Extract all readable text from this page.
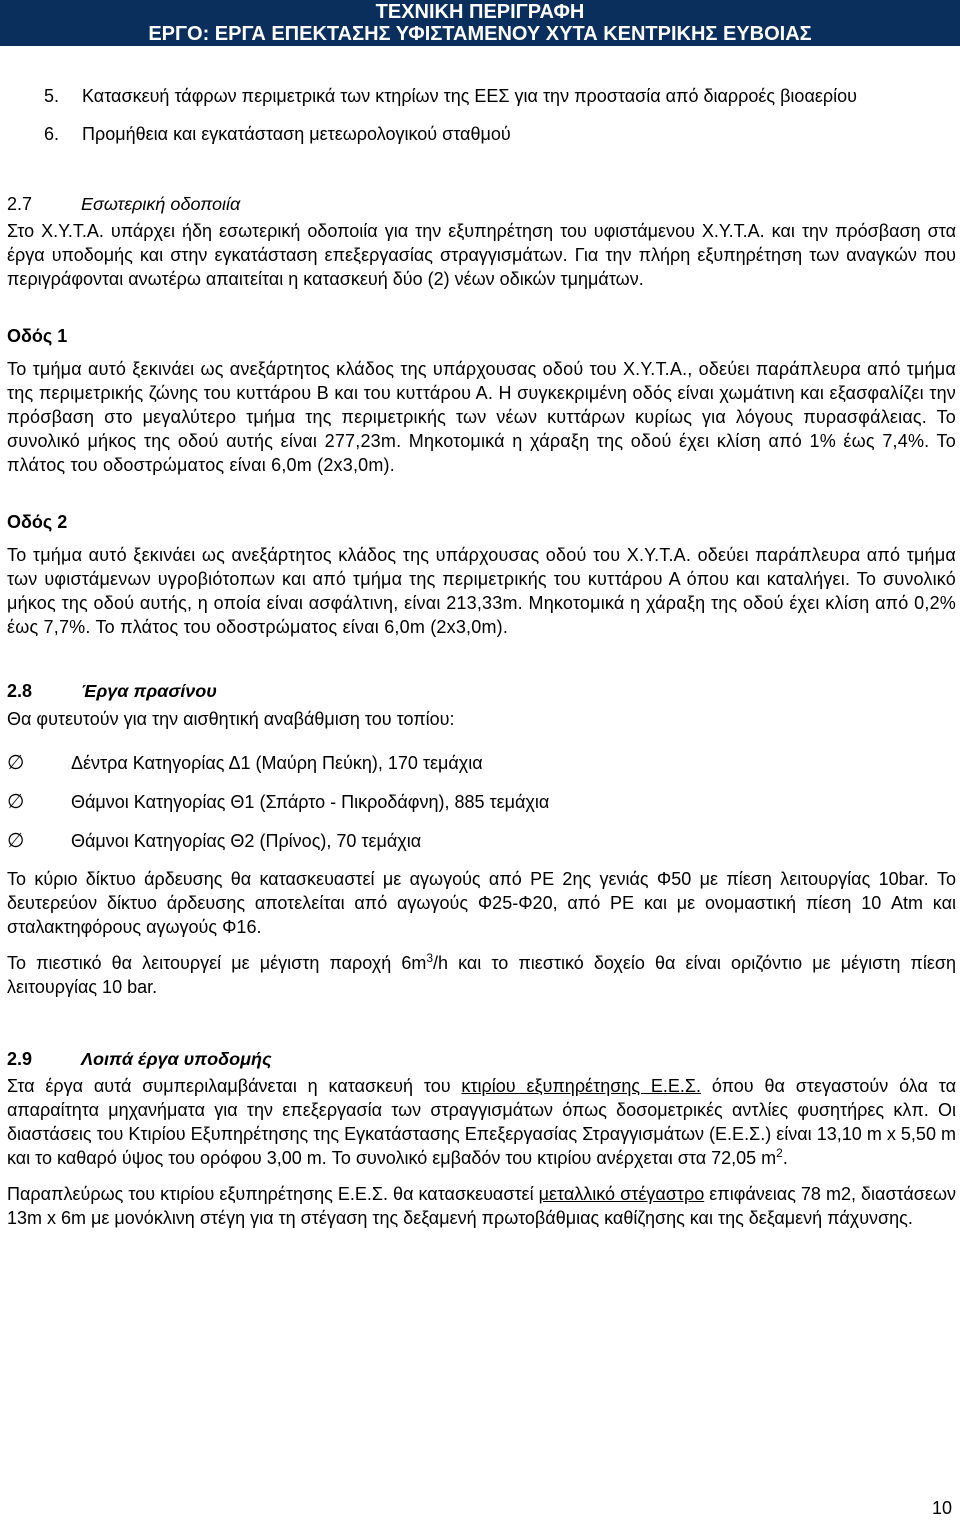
ΤΕΧΝΙΚΗ ΠΕΡΙΓΡΑΦΗ
ΕΡΓΟ: ΕΡΓΑ ΕΠΕΚΤΑΣΗΣ ΥΦΙΣΤΑΜΕΝΟΥ ΧΥΤΑ ΚΕΝΤΡΙΚΗΣ ΕΥΒΟΙΑΣ
5.	Κατασκευή τάφρων περιμετρικά των κτηρίων της ΕΕΣ για την προστασία από διαρροές βιοαερίου
6.	Προμήθεια και εγκατάσταση μετεωρολογικού σταθμού
2.7	Εσωτερική οδοποιία

Στο Χ.Υ.Τ.Α. υπάρχει ήδη εσωτερική οδοποιία για την εξυπηρέτηση του υφιστάμενου Χ.Υ.Τ.Α. και την πρόσβαση στα έργα υποδομής και στην εγκατάσταση επεξεργασίας στραγγισμάτων. Για την πλήρη εξυπηρέτηση των αναγκών που περιγράφονται ανωτέρω απαιτείται η κατασκευή δύο (2) νέων οδικών τμημάτων.

Οδός 1

Το τμήμα αυτό ξεκινάει ως ανεξάρτητος κλάδος της υπάρχουσας οδού του Χ.Υ.Τ.Α., οδεύει παράπλευρα από τμήμα της περιμετρικής ζώνης του κυττάρου Β και του κυττάρου Α. Η συγκεκριμένη οδός είναι χωμάτινη και εξασφαλίζει την πρόσβαση στο μεγαλύτερο τμήμα της περιμετρικής των νέων κυττάρων κυρίως για λόγους πυρασφάλειας. Το συνολικό μήκος της οδού αυτής είναι 277,23m. Μηκοτομικά η χάραξη της οδού έχει κλίση από 1% έως 7,4%. Το πλάτος του οδοστρώματος είναι 6,0m (2x3,0m).

Οδός 2

Το τμήμα αυτό ξεκινάει ως ανεξάρτητος κλάδος της υπάρχουσας οδού του Χ.Υ.Τ.Α. οδεύει παράπλευρα από τμήμα των υφιστάμενων υγροβιότοπων και από τμήμα της περιμετρικής του κυττάρου Α όπου και καταλήγει. Το συνολικό μήκος της οδού αυτής, η οποία είναι ασφάλτινη, είναι 213,33m. Μηκοτομικά η χάραξη της οδού έχει κλίση από 0,2% έως 7,7%. Το πλάτος του οδοστρώματος είναι 6,0m (2x3,0m).

2.8	Έργα πρασίνου

Θα φυτευτούν για την αισθητική αναβάθμιση του τοπίου:

∅	Δέντρα Κατηγορίας Δ1 (Μαύρη Πεύκη), 170 τεμάχια
∅	Θάμνοι Κατηγορίας Θ1 (Σπάρτο - Πικροδάφνη), 885 τεμάχια
∅	Θάμνοι Κατηγορίας Θ2 (Πρίνος), 70 τεμάχια

Το κύριο δίκτυο άρδευσης θα κατασκευαστεί με αγωγούς από PE 2ης γενιάς Φ50 με πίεση λειτουργίας 10bar. Το δευτερεύον δίκτυο άρδευσης αποτελείται από αγωγούς Φ25-Φ20, από PE και με ονομαστική πίεση 10 Atm και σταλακτηφόρους αγωγούς Φ16.

Το πιεστικό θα λειτουργεί με μέγιστη παροχή $6m^3/h$ και το πιεστικό δοχείο θα είναι οριζόντιο με μέγιστη πίεση λειτουργίας 10 bar.

2.9	Λοιπά έργα υποδομής

Στα έργα αυτά συμπεριλαμβάνεται η κατασκευή του κτιρίου εξυπηρέτησης Ε.Ε.Σ. όπου θα στεγαστούν όλα τα απαραίτητα μηχανήματα για την επεξεργασία των στραγγισμάτων όπως δοσομετρικές αντλίες φυσητήρες κλπ. Οι διαστάσεις του Κτιρίου Εξυπηρέτησης της Εγκατάστασης Επεξεργασίας Στραγγισμάτων (Ε.Ε.Σ.) είναι 13,10 m x 5,50 m και το καθαρό ύψος του ορόφου 3,00 m. Το συνολικό εμβαδόν του κτιρίου ανέρχεται στα 72,05 $m^2$.

Παραπλεύρως του κτιρίου εξυπηρέτησης Ε.Ε.Σ. θα κατασκευαστεί μεταλλικό στέγαστρο επιφάνειας 78 m2, διαστάσεων 13m x 6m με μονόκλινη στέγη για τη στέγαση της δεξαμενή πρωτοβάθμιας καθίζησης και της δεξαμενή πάχυνσης.

10
